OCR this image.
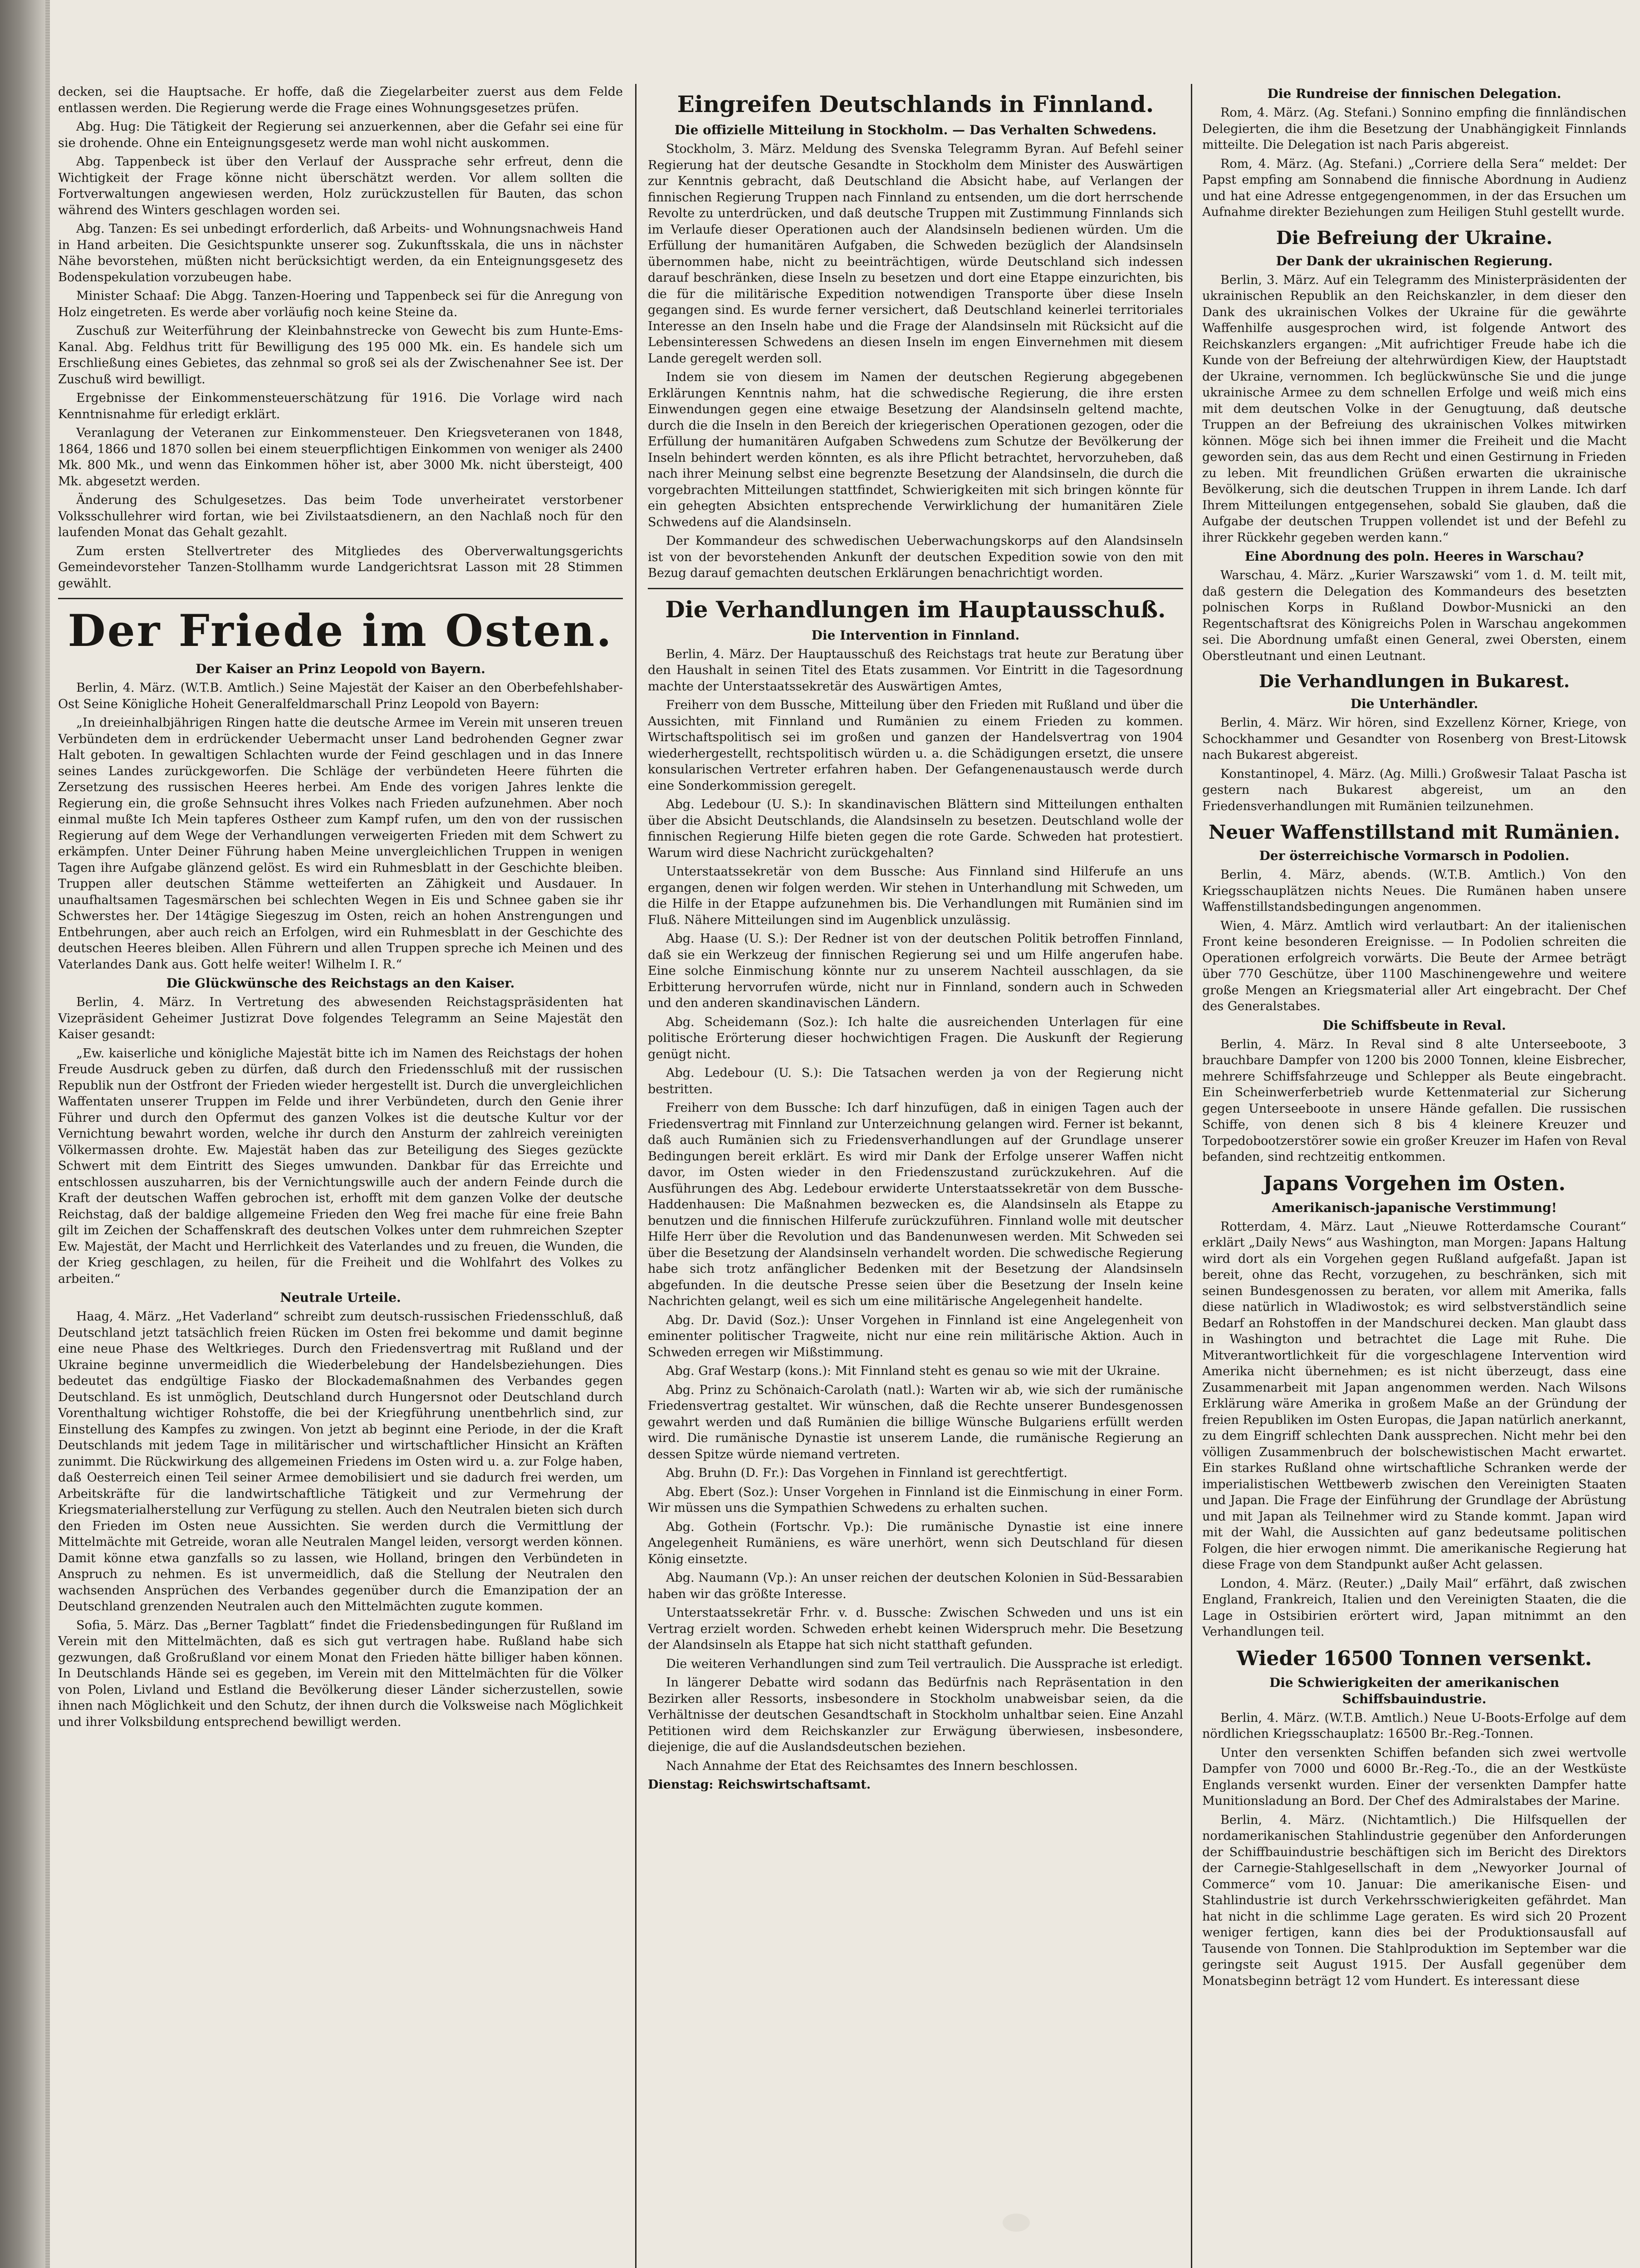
decken, sei die Hauptsache. Er hoffe, daß die Ziegelarbeiter zuerst aus dem Felde entlassen werden. Die Regierung werde die Frage eines Wohnungsgesetzes prüfen.

Abg. Hug: Die Tätigkeit der Regierung sei anzuerkennen, aber die Gefahr sei eine für sie drohende. Ohne ein Enteignungsgesetz werde man wohl nicht auskommen.

Abg. Tappenbeck ist über den Verlauf der Aussprache sehr erfreut, denn die Wichtigkeit der Frage könne nicht überschätzt werden. Vor allem sollten die Fortverwaltungen angewiesen werden, Holz zurückzustellen für Bauten, das schon während des Winters geschlagen worden sei.

Abg. Tanzen: Es sei unbedingt erforderlich, daß Arbeits- und Wohnungsnachweis Hand in Hand arbeiten. Die Gesichtspunkte unserer sog. Zukunftsskala, die uns in nächster Nähe bevorstehen, müßten nicht berücksichtigt werden, da ein Enteignungsgesetz des Bodenspekulation vorzubeugen habe.

Minister Schaaf: Die Abgg. Tanzen-Hoering und Tappenbeck sei für die Anregung von Holz eingetreten. Es werde aber vorläufig noch keine Steine da.

Zuschuß zur Weiterführung der Kleinbahnstrecke von Gewecht bis zum Hunte-Ems-Kanal. Abg. Feldhus tritt für Bewilligung des 195 000 Mk. ein. Es handele sich um Erschließung eines Gebietes, das zehnmal so groß sei als der Zwischenahner See ist. Der Zuschuß wird bewilligt.

Ergebnisse der Einkommensteuerschätzung für 1916. Die Vorlage wird nach Kenntnisnahme für erledigt erklärt.

Veranlagung der Veteranen zur Einkommensteuer. Den Kriegsveteranen von 1848, 1864, 1866 und 1870 sollen bei einem steuerpflichtigen Einkommen von weniger als 2400 Mk. 800 Mk., und wenn das Einkommen höher ist, aber 3000 Mk. nicht übersteigt, 400 Mk. abgesetzt werden.

Änderung des Schulgesetzes. Das beim Tode unverheiratet verstorbener Volksschullehrer wird fortan, wie bei Zivilstaatsdienern, an den Nachlaß noch für den laufenden Monat das Gehalt gezahlt.

Zum ersten Stellvertreter des Mitgliedes des Oberverwaltungsgerichts Gemeindevorsteher Tanzen-Stollhamm wurde Landgerichtsrat Lasson mit 28 Stimmen gewählt.

Der Friede im Osten.
Der Kaiser an Prinz Leopold von Bayern.

Berlin, 4. März. (W.T.B. Amtlich.) Seine Majestät der Kaiser an den Oberbefehlshaber-Ost Seine Königliche Hoheit Generalfeldmarschall Prinz Leopold von Bayern:

„In dreieinhalbjährigen Ringen hatte die deutsche Armee im Verein mit unseren treuen Verbündeten dem in erdrückender Uebermacht unser Land bedrohenden Gegner zwar Halt geboten. In gewaltigen Schlachten wurde der Feind geschlagen und in das Innere seines Landes zurückgeworfen. Die Schläge der verbündeten Heere führten die Zersetzung des russischen Heeres herbei. Am Ende des vorigen Jahres lenkte die Regierung ein, die große Sehnsucht ihres Volkes nach Frieden aufzunehmen. Aber noch einmal mußte Ich Mein tapferes Ostheer zum Kampf rufen, um den von der russischen Regierung auf dem Wege der Verhandlungen verweigerten Frieden mit dem Schwert zu erkämpfen. Unter Deiner Führung haben Meine unvergleichlichen Truppen in wenigen Tagen ihre Aufgabe glänzend gelöst. Es wird ein Ruhmesblatt in der Geschichte bleiben. Truppen aller deutschen Stämme wetteiferten an Zähigkeit und Ausdauer. In unaufhaltsamen Tagesmärschen bei schlechten Wegen in Eis und Schnee gaben sie ihr Schwerstes her. Der 14tägige Siegeszug im Osten, reich an hohen Anstrengungen und Entbehrungen, aber auch reich an Erfolgen, wird ein Ruhmesblatt in der Geschichte des deutschen Heeres bleiben. Allen Führern und allen Truppen spreche ich Meinen und des Vaterlandes Dank aus. Gott helfe weiter! Wilhelm I. R.“

Die Glückwünsche des Reichstags an den Kaiser.

Berlin, 4. März. In Vertretung des abwesenden Reichstagspräsidenten hat Vizepräsident Geheimer Justizrat Dove folgendes Telegramm an Seine Majestät den Kaiser gesandt:

„Ew. kaiserliche und königliche Majestät bitte ich im Namen des Reichstags der hohen Freude Ausdruck geben zu dürfen, daß durch den Friedensschluß mit der russischen Republik nun der Ostfront der Frieden wieder hergestellt ist. Durch die unvergleichlichen Waffentaten unserer Truppen im Felde und ihrer Verbündeten, durch den Genie ihrer Führer und durch den Opfermut des ganzen Volkes ist die deutsche Kultur vor der Vernichtung bewahrt worden, welche ihr durch den Ansturm der zahlreich vereinigten Völkermassen drohte. Ew. Majestät haben das zur Beteiligung des Sieges gezückte Schwert mit dem Eintritt des Sieges umwunden. Dankbar für das Erreichte und entschlossen auszuharren, bis der Vernichtungswille auch der andern Feinde durch die Kraft der deutschen Waffen gebrochen ist, erhofft mit dem ganzen Volke der deutsche Reichstag, daß der baldige allgemeine Frieden den Weg frei mache für eine freie Bahn gilt im Zeichen der Schaffenskraft des deutschen Volkes unter dem ruhmreichen Szepter Ew. Majestät, der Macht und Herrlichkeit des Vaterlandes und zu freuen, die Wunden, die der Krieg geschlagen, zu heilen, für die Freiheit und die Wohlfahrt des Volkes zu arbeiten.“

Neutrale Urteile.

Haag, 4. März. „Het Vaderland“ schreibt zum deutsch-russischen Friedensschluß, daß Deutschland jetzt tatsächlich freien Rücken im Osten frei bekomme und damit beginne eine neue Phase des Weltkrieges. Durch den Friedensvertrag mit Rußland und der Ukraine beginne unvermeidlich die Wiederbelebung der Handelsbeziehungen. Dies bedeutet das endgültige Fiasko der Blockademaßnahmen des Verbandes gegen Deutschland. Es ist unmöglich, Deutschland durch Hungersnot oder Deutschland durch Vorenthaltung wichtiger Rohstoffe, die bei der Kriegführung unentbehrlich sind, zur Einstellung des Kampfes zu zwingen. Von jetzt ab beginnt eine Periode, in der die Kraft Deutschlands mit jedem Tage in militärischer und wirtschaftlicher Hinsicht an Kräften zunimmt. Die Rückwirkung des allgemeinen Friedens im Osten wird u. a. zur Folge haben, daß Oesterreich einen Teil seiner Armee demobilisiert und sie dadurch frei werden, um Arbeitskräfte für die landwirtschaftliche Tätigkeit und zur Vermehrung der Kriegsmaterialherstellung zur Verfügung zu stellen. Auch den Neutralen bieten sich durch den Frieden im Osten neue Aussichten. Sie werden durch die Vermittlung der Mittelmächte mit Getreide, woran alle Neutralen Mangel leiden, versorgt werden können. Damit könne etwa ganzfalls so zu lassen, wie Holland, bringen den Verbündeten in Anspruch zu nehmen. Es ist unvermeidlich, daß die Stellung der Neutralen den wachsenden Ansprüchen des Verbandes gegenüber durch die Emanzipation der an Deutschland grenzenden Neutralen auch den Mittelmächten zugute kommen.

Sofia, 5. März. Das „Berner Tagblatt“ findet die Friedensbedingungen für Rußland im Verein mit den Mittelmächten, daß es sich gut vertragen habe. Rußland habe sich gezwungen, daß Großrußland vor einem Monat den Frieden hätte billiger haben können. In Deutschlands Hände sei es gegeben, im Verein mit den Mittelmächten für die Völker von Polen, Livland und Estland die Bevölkerung dieser Länder sicherzustellen, sowie ihnen nach Möglichkeit und den Schutz, der ihnen durch die Volksweise nach Möglichkeit und ihrer Volksbildung entsprechend bewilligt werden.

Eingreifen Deutschlands in Finnland.
Die offizielle Mitteilung in Stockholm. — Das Verhalten Schwedens.

Stockholm, 3. März. Meldung des Svenska Telegramm Byran. Auf Befehl seiner Regierung hat der deutsche Gesandte in Stockholm dem Minister des Auswärtigen zur Kenntnis gebracht, daß Deutschland die Absicht habe, auf Verlangen der finnischen Regierung Truppen nach Finnland zu entsenden, um die dort herrschende Revolte zu unterdrücken, und daß deutsche Truppen mit Zustimmung Finnlands sich im Verlaufe dieser Operationen auch der Alandsinseln bedienen würden. Um die Erfüllung der humanitären Aufgaben, die Schweden bezüglich der Alandsinseln übernommen habe, nicht zu beeinträchtigen, würde Deutschland sich indessen darauf beschränken, diese Inseln zu besetzen und dort eine Etappe einzurichten, bis die für die militärische Expedition notwendigen Transporte über diese Inseln gegangen sind. Es wurde ferner versichert, daß Deutschland keinerlei territoriales Interesse an den Inseln habe und die Frage der Alandsinseln mit Rücksicht auf die Lebensinteressen Schwedens an diesen Inseln im engen Einvernehmen mit diesem Lande geregelt werden soll.

Indem sie von diesem im Namen der deutschen Regierung abgegebenen Erklärungen Kenntnis nahm, hat die schwedische Regierung, die ihre ersten Einwendungen gegen eine etwaige Besetzung der Alandsinseln geltend machte, durch die die Inseln in den Bereich der kriegerischen Operationen gezogen, oder die Erfüllung der humanitären Aufgaben Schwedens zum Schutze der Bevölkerung der Inseln behindert werden könnten, es als ihre Pflicht betrachtet, hervorzuheben, daß nach ihrer Meinung selbst eine begrenzte Besetzung der Alandsinseln, die durch die vorgebrachten Mitteilungen stattfindet, Schwierigkeiten mit sich bringen könnte für ein gehegten Absichten entsprechende Verwirklichung der humanitären Ziele Schwedens auf die Alandsinseln.

Der Kommandeur des schwedischen Ueberwachungskorps auf den Alandsinseln ist von der bevorstehenden Ankunft der deutschen Expedition sowie von den mit Bezug darauf gemachten deutschen Erklärungen benachrichtigt worden.

Die Verhandlungen im Hauptausschuß.
Die Intervention in Finnland.

Berlin, 4. März. Der Hauptausschuß des Reichstags trat heute zur Beratung über den Haushalt in seinen Titel des Etats zusammen. Vor Eintritt in die Tagesordnung machte der Unterstaatssekretär des Auswärtigen Amtes,

Freiherr von dem Bussche, Mitteilung über den Frieden mit Rußland und über die Aussichten, mit Finnland und Rumänien zu einem Frieden zu kommen. Wirtschaftspolitisch sei im großen und ganzen der Handelsvertrag von 1904 wiederhergestellt, rechtspolitisch würden u. a. die Schädigungen ersetzt, die unsere konsularischen Vertreter erfahren haben. Der Gefangenenaustausch werde durch eine Sonderkommission geregelt.

Abg. Ledebour (U. S.): In skandinavischen Blättern sind Mitteilungen enthalten über die Absicht Deutschlands, die Alandsinseln zu besetzen. Deutschland wolle der finnischen Regierung Hilfe bieten gegen die rote Garde. Schweden hat protestiert. Warum wird diese Nachricht zurückgehalten?

Unterstaatssekretär von dem Bussche: Aus Finnland sind Hilferufe an uns ergangen, denen wir folgen werden. Wir stehen in Unterhandlung mit Schweden, um die Hilfe in der Etappe aufzunehmen bis. Die Verhandlungen mit Rumänien sind im Fluß. Nähere Mitteilungen sind im Augenblick unzulässig.

Abg. Haase (U. S.): Der Redner ist von der deutschen Politik betroffen Finnland, daß sie ein Werkzeug der finnischen Regierung sei und um Hilfe angerufen habe. Eine solche Einmischung könnte nur zu unserem Nachteil ausschlagen, da sie Erbitterung hervorrufen würde, nicht nur in Finnland, sondern auch in Schweden und den anderen skandinavischen Ländern.

Abg. Scheidemann (Soz.): Ich halte die ausreichenden Unterlagen für eine politische Erörterung dieser hochwichtigen Fragen. Die Auskunft der Regierung genügt nicht.

Abg. Ledebour (U. S.): Die Tatsachen werden ja von der Regierung nicht bestritten.

Freiherr von dem Bussche: Ich darf hinzufügen, daß in einigen Tagen auch der Friedensvertrag mit Finnland zur Unterzeichnung gelangen wird. Ferner ist bekannt, daß auch Rumänien sich zu Friedensverhandlungen auf der Grundlage unserer Bedingungen bereit erklärt. Es wird mir Dank der Erfolge unserer Waffen nicht davor, im Osten wieder in den Friedenszustand zurückzukehren. Auf die Ausführungen des Abg. Ledebour erwiderte Unterstaatssekretär von dem Bussche-Haddenhausen: Die Maßnahmen bezwecken es, die Alandsinseln als Etappe zu benutzen und die finnischen Hilferufe zurückzuführen. Finnland wolle mit deutscher Hilfe Herr über die Revolution und das Bandenunwesen werden. Mit Schweden sei über die Besetzung der Alandsinseln verhandelt worden. Die schwedische Regierung habe sich trotz anfänglicher Bedenken mit der Besetzung der Alandsinseln abgefunden. In die deutsche Presse seien über die Besetzung der Inseln keine Nachrichten gelangt, weil es sich um eine militärische Angelegenheit handelte.

Abg. Dr. David (Soz.): Unser Vorgehen in Finnland ist eine Angelegenheit von eminenter politischer Tragweite, nicht nur eine rein militärische Aktion. Auch in Schweden erregen wir Mißstimmung.

Abg. Graf Westarp (kons.): Mit Finnland steht es genau so wie mit der Ukraine.

Abg. Prinz zu Schönaich-Carolath (natl.): Warten wir ab, wie sich der rumänische Friedensvertrag gestaltet. Wir wünschen, daß die Rechte unserer Bundesgenossen gewahrt werden und daß Rumänien die billige Wünsche Bulgariens erfüllt werden wird. Die rumänische Dynastie ist unserem Lande, die rumänische Regierung an dessen Spitze würde niemand vertreten.

Abg. Bruhn (D. Fr.): Das Vorgehen in Finnland ist gerechtfertigt.

Abg. Ebert (Soz.): Unser Vorgehen in Finnland ist die Einmischung in einer Form. Wir müssen uns die Sympathien Schwedens zu erhalten suchen.

Abg. Gothein (Fortschr. Vp.): Die rumänische Dynastie ist eine innere Angelegenheit Rumäniens, es wäre unerhört, wenn sich Deutschland für diesen König einsetzte.

Abg. Naumann (Vp.): An unser reichen der deutschen Kolonien in Süd-Bessarabien haben wir das größte Interesse.

Unterstaatssekretär Frhr. v. d. Bussche: Zwischen Schweden und uns ist ein Vertrag erzielt worden. Schweden erhebt keinen Widerspruch mehr. Die Besetzung der Alandsinseln als Etappe hat sich nicht statthaft gefunden.

Die weiteren Verhandlungen sind zum Teil vertraulich. Die Aussprache ist erledigt.

In längerer Debatte wird sodann das Bedürfnis nach Repräsentation in den Bezirken aller Ressorts, insbesondere in Stockholm unabweisbar seien, da die Verhältnisse der deutschen Gesandtschaft in Stockholm unhaltbar seien. Eine Anzahl Petitionen wird dem Reichskanzler zur Erwägung überwiesen, insbesondere, diejenige, die auf die Auslandsdeutschen beziehen.

Nach Annahme der Etat des Reichsamtes des Innern beschlossen.

Dienstag: Reichswirtschaftsamt.

Die Rundreise der finnischen Delegation.

Rom, 4. März. (Ag. Stefani.) Sonnino empfing die finnländischen Delegierten, die ihm die Besetzung der Unabhängigkeit Finnlands mitteilte. Die Delegation ist nach Paris abgereist.

Rom, 4. März. (Ag. Stefani.) „Corriere della Sera“ meldet: Der Papst empfing am Sonnabend die finnische Abordnung in Audienz und hat eine Adresse entgegengenommen, in der das Ersuchen um Aufnahme direkter Beziehungen zum Heiligen Stuhl gestellt wurde.

Die Befreiung der Ukraine.
Der Dank der ukrainischen Regierung.

Berlin, 3. März. Auf ein Telegramm des Ministerpräsidenten der ukrainischen Republik an den Reichskanzler, in dem dieser den Dank des ukrainischen Volkes der Ukraine für die gewährte Waffenhilfe ausgesprochen wird, ist folgende Antwort des Reichskanzlers ergangen: „Mit aufrichtiger Freude habe ich die Kunde von der Befreiung der altehrwürdigen Kiew, der Hauptstadt der Ukraine, vernommen. Ich beglückwünsche Sie und die junge ukrainische Armee zu dem schnellen Erfolge und weiß mich eins mit dem deutschen Volke in der Genugtuung, daß deutsche Truppen an der Befreiung des ukrainischen Volkes mitwirken können. Möge sich bei ihnen immer die Freiheit und die Macht geworden sein, das aus dem Recht und einen Gestirnung in Frieden zu leben. Mit freundlichen Grüßen erwarten die ukrainische Bevölkerung, sich die deutschen Truppen in ihrem Lande. Ich darf Ihrem Mitteilungen entgegensehen, sobald Sie glauben, daß die Aufgabe der deutschen Truppen vollendet ist und der Befehl zu ihrer Rückkehr gegeben werden kann.“

Eine Abordnung des poln. Heeres in Warschau?

Warschau, 4. März. „Kurier Warszawski“ vom 1. d. M. teilt mit, daß gestern die Delegation des Kommandeurs des besetzten polnischen Korps in Rußland Dowbor-Musnicki an den Regentschaftsrat des Königreichs Polen in Warschau angekommen sei. Die Abordnung umfaßt einen General, zwei Obersten, einem Oberstleutnant und einen Leutnant.

Die Verhandlungen in Bukarest.
Die Unterhändler.

Berlin, 4. März. Wir hören, sind Exzellenz Körner, Kriege, von Schockhammer und Gesandter von Rosenberg von Brest-Litowsk nach Bukarest abgereist.

Konstantinopel, 4. März. (Ag. Milli.) Großwesir Talaat Pascha ist gestern nach Bukarest abgereist, um an den Friedensverhandlungen mit Rumänien teilzunehmen.

Neuer Waffenstillstand mit Rumänien.
Der österreichische Vormarsch in Podolien.

Berlin, 4. März, abends. (W.T.B. Amtlich.) Von den Kriegsschauplätzen nichts Neues. Die Rumänen haben unsere Waffenstillstandsbedingungen angenommen.

Wien, 4. März. Amtlich wird verlautbart: An der italienischen Front keine besonderen Ereignisse. — In Podolien schreiten die Operationen erfolgreich vorwärts. Die Beute der Armee beträgt über 770 Geschütze, über 1100 Maschinengewehre und weitere große Mengen an Kriegsmaterial aller Art eingebracht. Der Chef des Generalstabes.

Die Schiffsbeute in Reval.

Berlin, 4. März. In Reval sind 8 alte Unterseeboote, 3 brauchbare Dampfer von 1200 bis 2000 Tonnen, kleine Eisbrecher, mehrere Schiffsfahrzeuge und Schlepper als Beute eingebracht. Ein Scheinwerferbetrieb wurde Kettenmaterial zur Sicherung gegen Unterseeboote in unsere Hände gefallen. Die russischen Schiffe, von denen sich 8 bis 4 kleinere Kreuzer und Torpedobootzerstörer sowie ein großer Kreuzer im Hafen von Reval befanden, sind rechtzeitig entkommen.

Japans Vorgehen im Osten.
Amerikanisch-japanische Verstimmung!

Rotterdam, 4. März. Laut „Nieuwe Rotterdamsche Courant“ erklärt „Daily News“ aus Washington, man Morgen: Japans Haltung wird dort als ein Vorgehen gegen Rußland aufgefaßt. Japan ist bereit, ohne das Recht, vorzugehen, zu beschränken, sich mit seinen Bundesgenossen zu beraten, vor allem mit Amerika, falls diese natürlich in Wladiwostok; es wird selbstverständlich seine Bedarf an Rohstoffen in der Mandschurei decken. Man glaubt dass in Washington und betrachtet die Lage mit Ruhe. Die Mitverantwortlichkeit für die vorgeschlagene Intervention wird Amerika nicht übernehmen; es ist nicht überzeugt, dass eine Zusammenarbeit mit Japan angenommen werden. Nach Wilsons Erklärung wäre Amerika in großem Maße an der Gründung der freien Republiken im Osten Europas, die Japan natürlich anerkannt, zu dem Eingriff schlechten Dank aussprechen. Nicht mehr bei den völligen Zusammenbruch der bolschewistischen Macht erwartet. Ein starkes Rußland ohne wirtschaftliche Schranken werde der imperialistischen Wettbewerb zwischen den Vereinigten Staaten und Japan. Die Frage der Einführung der Grundlage der Abrüstung und mit Japan als Teilnehmer wird zu Stande kommt. Japan wird mit der Wahl, die Aussichten auf ganz bedeutsame politischen Folgen, die hier erwogen nimmt. Die amerikanische Regierung hat diese Frage von dem Standpunkt außer Acht gelassen.

London, 4. März. (Reuter.) „Daily Mail“ erfährt, daß zwischen England, Frankreich, Italien und den Vereinigten Staaten, die die Lage in Ostsibirien erörtert wird, Japan mitnimmt an den Verhandlungen teil.

Wieder 16500 Tonnen versenkt.
Die Schwierigkeiten der amerikanischen Schiffsbauindustrie.

Berlin, 4. März. (W.T.B. Amtlich.) Neue U-Boots-Erfolge auf dem nördlichen Kriegsschauplatz: 16500 Br.-Reg.-Tonnen.

Unter den versenkten Schiffen befanden sich zwei wertvolle Dampfer von 7000 und 6000 Br.-Reg.-To., die an der Westküste Englands versenkt wurden. Einer der versenkten Dampfer hatte Munitionsladung an Bord. Der Chef des Admiralstabes der Marine.

Berlin, 4. März. (Nichtamtlich.) Die Hilfsquellen der nordamerikanischen Stahlindustrie gegenüber den Anforderungen der Schiffbauindustrie beschäftigen sich im Bericht des Direktors der Carnegie-Stahlgesellschaft in dem „Newyorker Journal of Commerce“ vom 10. Januar: Die amerikanische Eisen- und Stahlindustrie ist durch Verkehrsschwierigkeiten gefährdet. Man hat nicht in die schlimme Lage geraten. Es wird sich 20 Prozent weniger fertigen, kann dies bei der Produktionsausfall auf Tausende von Tonnen. Die Stahlproduktion im September war die geringste seit August 1915. Der Ausfall gegenüber dem Monatsbeginn beträgt 12 vom Hundert. Es interessant diese
